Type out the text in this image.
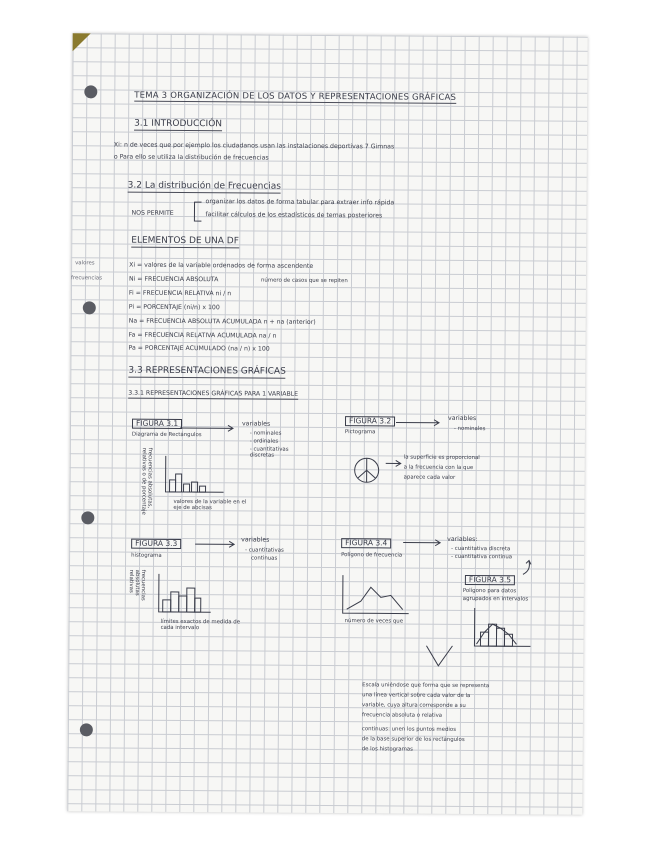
TEMA 3 ORGANIZACIÓN DE LOS DATOS Y REPRESENTACIONES GRÁFICAS
3.1 INTRODUCCIÓN
Xi: n de veces que por ejemplo los ciudadanos usan las instalaciones deportivas 7 Gimnas
o Para ello se utiliza la distribución de frecuencias
3.2 La distribución de Frecuencias
NOS PERMITE
organizar los datos de forma tabular para extraer info rápida
facilitar cálculos de los estadísticos de temas posteriores
ELEMENTOS DE UNA DF
valores
frecuencias
Xi = valores de la variable ordenados de forma ascendente
Ni = FRECUENCIA ABSOLUTA	número de casos que se repiten
Fi = FRECUENCIA RELATIVA ni / n
Pi = PORCENTAJE (ni/n) x 100
Na = FRECUENCIA ABSOLUTA ACUMULADA n + na (anterior)
Fa = FRECUENCIA RELATIVA ACUMULADA na / n
Pa = PORCENTAJE ACUMULADO (na / n) x 100
3.3 REPRESENTACIONES GRÁFICAS
3.3.1 REPRESENTACIONES GRÁFICAS PARA 1 VARIABLE
FIGURA 3.1
Diagrama de Rectángulos
variables
- nominales
- ordinales
- cuantitativas discretas
frecuencias absolutas, relativas o de porcentaje	valores de la variable en el eje de abcisas
FIGURA 3.2
Pictograma
variables
- nominales
la superficie es proporcional
a la frecuencia con la que
aparece cada valor
FIGURA 3.3
histograma
variables
- cuantitativas
continuas
frecuencias absolutas relativas
límites exactos de medida de cada intervalo
FIGURA 3.4
Polígono de frecuencia
variables:
- cuantitativa discreta
- cuantitativa continua
número de veces que
FIGURA 3.5
Polígono para datos
agrupados en intervalos
Escala uniéndose que forma que se representa
una línea vertical sobre cada valor de la
variable, cuya altura corresponde a su
frecuencia absoluta o relativa
continuas: unen los puntos medios
de la base superior de los rectángulos
de los histogramas
